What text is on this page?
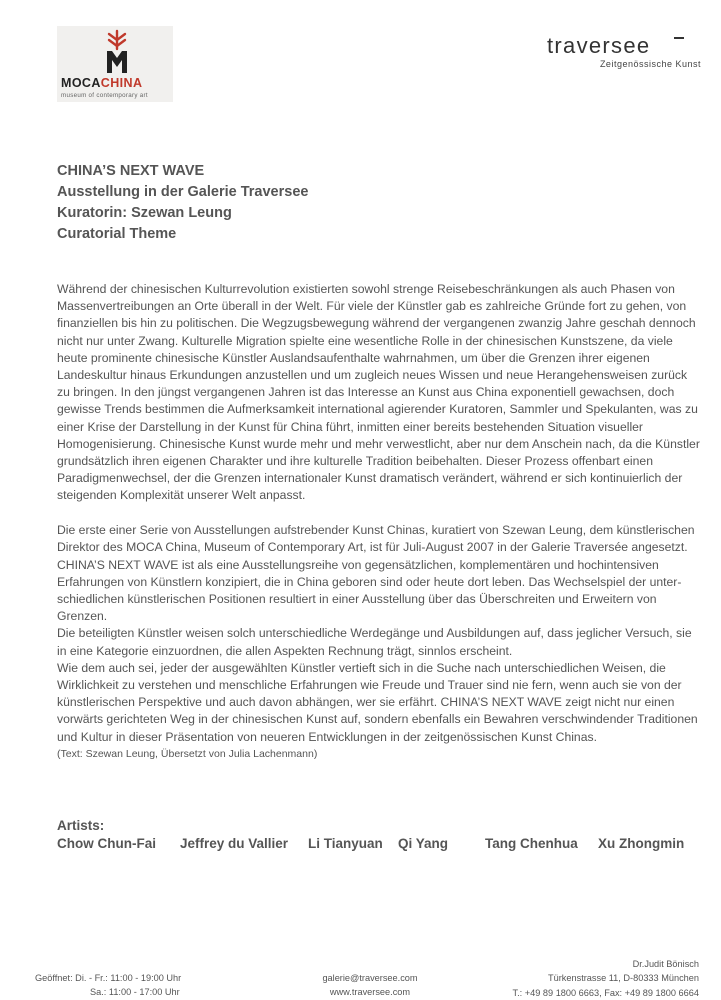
MOCACHINA
museum of contemporary art
traversee
Zeitgenössische Kunst
CHINA’S NEXT WAVE
Ausstellung in der Galerie Traversee
Kuratorin: Szewan Leung
Curatorial Theme

Während der chinesischen Kulturrevolution existierten sowohl strenge Reisebeschränkungen als auch Phasen von Massenvertreibungen an Orte überall in der Welt. Für viele der Künstler gab es zahlreiche Gründe fort zu gehen, von finanziellen bis hin zu politischen. Die Wegzugsbewegung während der vergangenen zwanzig Jahre geschah dennoch nicht nur unter Zwang. Kulturelle Migration spielte eine wesentliche Rolle in der chinesischen Kunstszene, da viele heute prominente chinesische Künstler Auslandsaufenthalte wahrnahmen, um über die Grenzen ihrer eigenen Landeskultur hinaus Erkundungen anzustellen und um zugleich neues Wissen und neue Herangehensweisen zurück zu bringen. In den jüngst vergangenen Jahren ist das Interesse an Kunst aus China exponentiell gewachsen, doch gewisse Trends bestimmen die Aufmerksamkeit international agierender Kuratoren, Sammler und Spekulanten, was zu einer Krise der Darstellung in der Kunst für China führt, inmitten einer bereits bestehenden Situation visueller Homogenisierung. Chinesische Kunst wurde mehr und mehr verwestlicht, aber nur dem Anschein nach, da die Künstler grundsätzlich ihren eigenen Charakter und ihre kulturelle Tradition beibehalten. Dieser Prozess offenbart einen Paradigmenwechsel, der die Grenzen internationaler Kunst dramatisch verändert, während er sich kontinuierlich der steigenden Komplexität unserer Welt anpasst.

Die erste einer Serie von Ausstellungen aufstrebender Kunst Chinas, kuratiert von Szewan Leung, dem künstlerischen Direktor des MOCA China, Museum of Contemporary Art, ist für Juli-August 2007 in der Galerie Traversée angesetzt. CHINA’S NEXT WAVE ist als eine Ausstellungsreihe von gegensätzlichen, komplementären und hochintensiven Erfahrungen von Künstlern konzipiert, die in China geboren sind oder heute dort leben. Das Wechselspiel der unter-schiedlichen künstlerischen Positionen resultiert in einer Ausstellung über das Überschreiten und Erweitern von Grenzen.

Die beteiligten Künstler weisen solch unterschiedliche Werdegänge und Ausbildungen auf, dass jeglicher Versuch, sie in eine Kategorie einzuordnen, die allen Aspekten Rechnung trägt, sinnlos erscheint.

Wie dem auch sei, jeder der ausgewählten Künstler vertieft sich in die Suche nach unterschiedlichen Weisen, die Wirklichkeit zu verstehen und menschliche Erfahrungen wie Freude und Trauer sind nie fern, wenn auch sie von der künstlerischen Perspektive und auch davon abhängen, wer sie erfährt. CHINA’S NEXT WAVE zeigt nicht nur einen vorwärts gerichteten Weg in der chinesischen Kunst auf, sondern ebenfalls ein Bewahren verschwindender Traditionen und Kultur in dieser Präsentation von neueren Entwicklungen in der zeitgenössischen Kunst Chinas.

(Text: Szewan Leung, Übersetzt von Julia Lachenmann)

Artists:
Chow Chun-Fai Jeffrey du Vallier Li Tianyuan Qi Yang	Tang Chenhua Xu Zhongmin
Geöffnet: Di. - Fr.: 11:00 - 19:00 Uhr
Sa.: 11:00 - 17:00 Uhr
galerie@traversee.com
www.traversee.com
Dr.Judit Bönisch
Türkenstrasse 11, D-80333 München
T.: +49 89 1800 6663, Fax: +49 89 1800 6664
